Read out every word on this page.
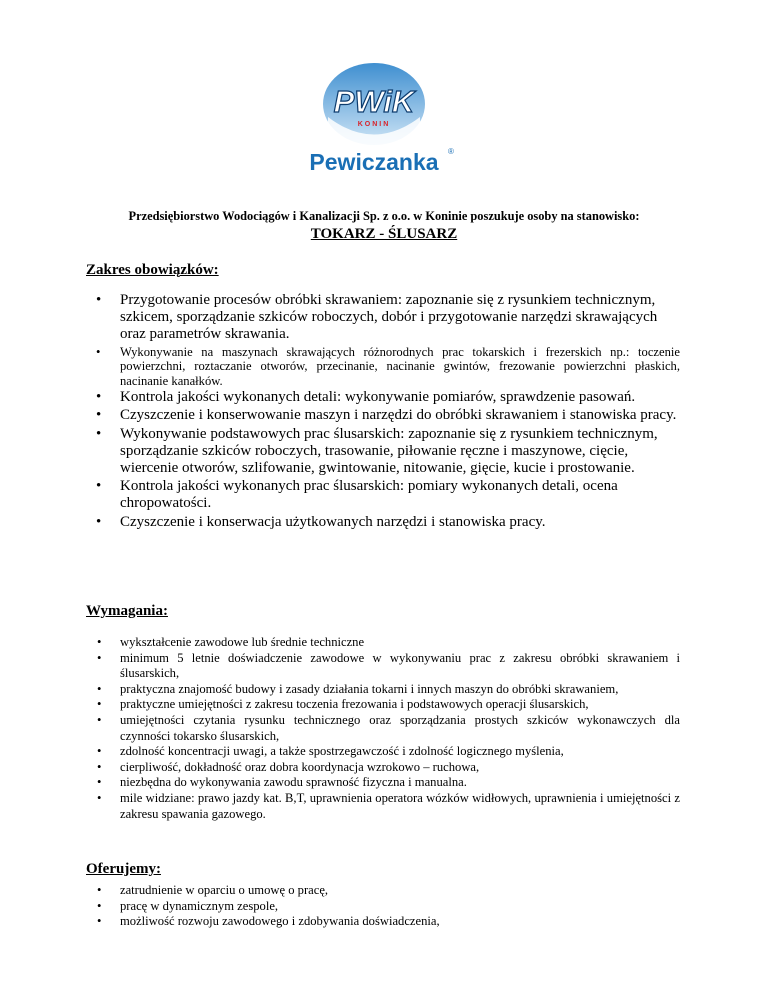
PWiK
KONIN
Pewiczanka ®
Przedsiębiorstwo Wodociągów i Kanalizacji Sp. z o.o. w Koninie poszukuje osoby na stanowisko:
TOKARZ - ŚLUSARZ
Zakres obowiązków:
• Przygotowanie procesów obróbki skrawaniem: zapoznanie się z rysunkiem technicznym, szkicem, sporządzanie szkiców roboczych, dobór i przygotowanie narzędzi skrawających
oraz parametrów skrawania.
• Wykonywanie na maszynach skrawających różnorodnych prac tokarskich i frezerskich np.: toczenie powierzchni, roztaczanie otworów, przecinanie, nacinanie gwintów, frezowanie powierzchni płaskich, nacinanie kanałków.
• Kontrola jakości wykonanych detali: wykonywanie pomiarów, sprawdzenie pasowań.
• Czyszczenie i konserwowanie maszyn i narzędzi do obróbki skrawaniem i stanowiska pracy.
• Wykonywanie podstawowych prac ślusarskich: zapoznanie się z rysunkiem technicznym, sporządzanie szkiców roboczych, trasowanie, piłowanie ręczne i maszynowe, cięcie, wiercenie otworów, szlifowanie, gwintowanie, nitowanie, gięcie, kucie i prostowanie.
• Kontrola jakości wykonanych prac ślusarskich: pomiary wykonanych detali, ocena chropowatości.
• Czyszczenie i konserwacja użytkowanych narzędzi i stanowiska pracy.
Wymagania:
• wykształcenie zawodowe lub średnie techniczne
• minimum 5 letnie doświadczenie zawodowe w wykonywaniu prac z zakresu obróbki skrawaniem i ślusarskich,
• praktyczna znajomość budowy i zasady działania tokarni i innych maszyn do obróbki skrawaniem,
• praktyczne umiejętności z zakresu toczenia frezowania i podstawowych operacji ślusarskich,
• umiejętności czytania rysunku technicznego oraz sporządzania prostych szkiców wykonawczych dla czynności tokarsko ślusarskich,
• zdolność koncentracji uwagi, a także spostrzegawczość i zdolność logicznego myślenia,
• cierpliwość, dokładność oraz dobra koordynacja wzrokowo – ruchowa,
• niezbędna do wykonywania zawodu sprawność fizyczna i manualna.
• mile widziane: prawo jazdy kat. B,T, uprawnienia operatora wózków widłowych, uprawnienia i umiejętności z zakresu spawania gazowego.
Oferujemy:
• zatrudnienie w oparciu o umowę o pracę,
• pracę w dynamicznym zespole,
• możliwość rozwoju zawodowego i zdobywania doświadczenia,
